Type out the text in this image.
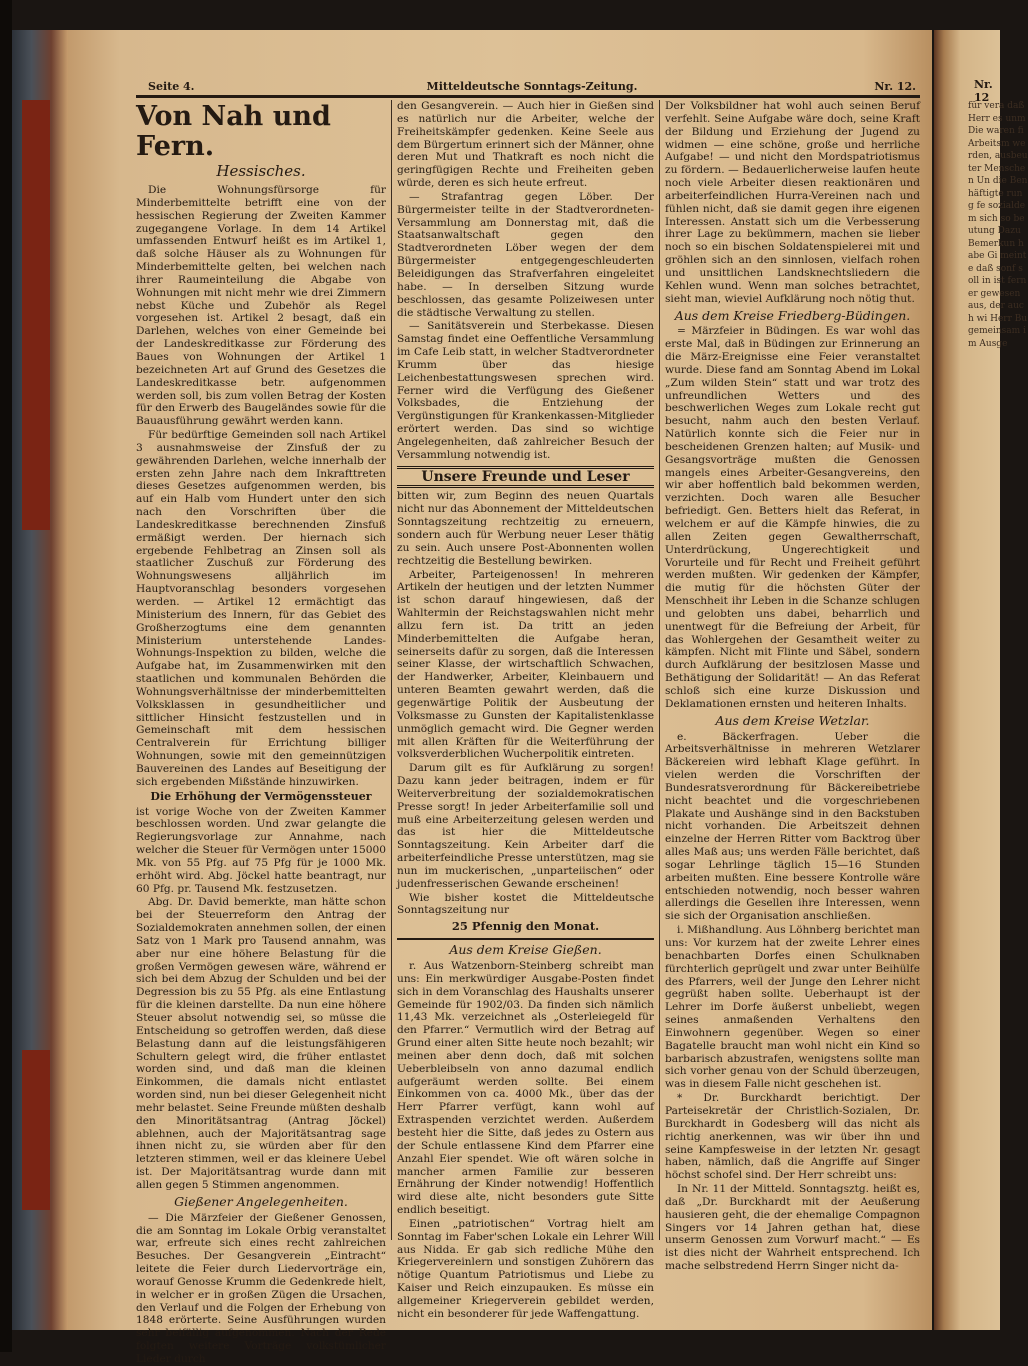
Nr. 12
für vera daß Herr es unm Die waren fi Arbeitsm werden, ausbeuter Menschen Un die Ben häftigte rung fe sozialdem sich so beutung Dazu Bemerkun habe Gi meint e daß sonf soll in ist ferner gewesen aus, der auch wi Herr Bu gemeinsam im Ausge
Seite 4.	Mitteldeutsche Sonntags-Zeitung.	Nr. 12.
Von Nah und Fern.
Hessisches.

Die Wohnungsfürsorge für Minderbemittelte betrifft eine von der hessischen Regierung der Zweiten Kammer zugegangene Vorlage. In dem 14 Artikel umfassenden Entwurf heißt es im Artikel 1, daß solche Häuser als zu Wohnungen für Minderbemittelte gelten, bei welchen nach ihrer Raumeinteilung die Abgabe von Wohnungen mit nicht mehr wie drei Zimmern nebst Küche und Zubehör als Regel vorgesehen ist. Artikel 2 besagt, daß ein Darlehen, welches von einer Gemeinde bei der Landeskreditkasse zur Förderung des Baues von Wohnungen der Artikel 1 bezeichneten Art auf Grund des Gesetzes die Landeskreditkasse betr. aufgenommen werden soll, bis zum vollen Betrag der Kosten für den Erwerb des Baugeländes sowie für die Bauausführung gewährt werden kann.

Für bedürftige Gemeinden soll nach Artikel 3 ausnahmsweise der Zinsfuß der zu gewährenden Darlehen, welche innerhalb der ersten zehn Jahre nach dem Inkrafttreten dieses Gesetzes aufgenommen werden, bis auf ein Halb vom Hundert unter den sich nach den Vorschriften über die Landeskreditkasse berechnenden Zinsfuß ermäßigt werden. Der hiernach sich ergebende Fehlbetrag an Zinsen soll als staatlicher Zuschuß zur Förderung des Wohnungswesens alljährlich im Hauptvoranschlag besonders vorgesehen werden. — Artikel 12 ermächtigt das Ministerium des Innern, für das Gebiet des Großherzogtums eine dem genannten Ministerium unterstehende Landes-Wohnungs-Inspektion zu bilden, welche die Aufgabe hat, im Zusammenwirken mit den staatlichen und kommunalen Behörden die Wohnungsverhältnisse der minderbemittelten Volksklassen in gesundheitlicher und sittlicher Hinsicht festzustellen und in Gemeinschaft mit dem hessischen Centralverein für Errichtung billiger Wohnungen, sowie mit den gemeinnützigen Bauvereinen des Landes auf Beseitigung der sich ergebenden Mißstände hinzuwirken.

Die Erhöhung der Vermögenssteuer

ist vorige Woche von der Zweiten Kammer beschlossen worden. Und zwar gelangte die Regierungsvorlage zur Annahme, nach welcher die Steuer für Vermögen unter 15000 Mk. von 55 Pfg. auf 75 Pfg für je 1000 Mk. erhöht wird. Abg. Jöckel hatte beantragt, nur 60 Pfg. pr. Tausend Mk. festzusetzen.

Abg. Dr. David bemerkte, man hätte schon bei der Steuerreform den Antrag der Sozialdemokraten annehmen sollen, der einen Satz von 1 Mark pro Tausend annahm, was aber nur eine höhere Belastung für die großen Vermögen gewesen wäre, während er sich bei dem Abzug der Schulden und bei der Degression bis zu 55 Pfg. als eine Entlastung für die kleinen darstellte. Da nun eine höhere Steuer absolut notwendig sei, so müsse die Entscheidung so getroffen werden, daß diese Belastung dann auf die leistungsfähigeren Schultern gelegt wird, die früher entlastet worden sind, und daß man die kleinen Einkommen, die damals nicht entlastet worden sind, nun bei dieser Gelegenheit nicht mehr belastet. Seine Freunde müßten deshalb den Minoritätsantrag (Antrag Jöckel) ablehnen, auch der Majoritätsantrag sage ihnen nicht zu, sie würden aber für den letzteren stimmen, weil er das kleinere Uebel ist. Der Majoritätsantrag wurde dann mit allen gegen 5 Stimmen angenommen.

Gießener Angelegenheiten.

— Die Märzfeier der Gießener Genossen, die am Sonntag im Lokale Orbig veranstaltet war, erfreute sich eines recht zahlreichen Besuches. Der Gesangverein „Eintracht“ leitete die Feier durch Liedervorträge ein, worauf Genosse Krumm die Gedenkrede hielt, in welcher er in großen Zügen die Ursachen, den Verlauf und die Folgen der Erhebung von 1848 erörterte. Seine Ausführungen wurden sehr beifällig aufgenommen. Nach der Rede folgten weitere Vorträge volkstümlicher Lieder durch

den Gesangverein. — Auch hier in Gießen sind es natürlich nur die Arbeiter, welche der Freiheitskämpfer gedenken. Keine Seele aus dem Bürgertum erinnert sich der Männer, ohne deren Mut und Thatkraft es noch nicht die geringfügigen Rechte und Freiheiten geben würde, deren es sich heute erfreut.

— Strafantrag gegen Löber. Der Bürgermeister teilte in der Stadtverordneten-Versammlung am Donnerstag mit, daß die Staatsanwaltschaft gegen den Stadtverordneten Löber wegen der dem Bürgermeister entgegengeschleuderten Beleidigungen das Strafverfahren eingeleitet habe. — In derselben Sitzung wurde beschlossen, das gesamte Polizeiwesen unter die städtische Verwaltung zu stellen.

— Sanitätsverein und Sterbekasse. Diesen Samstag findet eine Oeffentliche Versammlung im Cafe Leib statt, in welcher Stadtverordneter Krumm über das hiesige Leichenbestattungswesen sprechen wird. Ferner wird die Verfügung des Gießener Volksbades, die Entziehung der Vergünstigungen für Krankenkassen-Mitglieder erörtert werden. Das sind so wichtige Angelegenheiten, daß zahlreicher Besuch der Versammlung notwendig ist.

Unsere Freunde und Leser

bitten wir, zum Beginn des neuen Quartals nicht nur das Abonnement der Mitteldeutschen Sonntagszeitung rechtzeitig zu erneuern, sondern auch für Werbung neuer Leser thätig zu sein. Auch unsere Post-Abonnenten wollen rechtzeitig die Bestellung bewirken.

Arbeiter, Parteigenossen! In mehreren Artikeln der heutigen und der letzten Nummer ist schon darauf hingewiesen, daß der Wahltermin der Reichstagswahlen nicht mehr allzu fern ist. Da tritt an jeden Minderbemittelten die Aufgabe heran, seinerseits dafür zu sorgen, daß die Interessen seiner Klasse, der wirtschaftlich Schwachen, der Handwerker, Arbeiter, Kleinbauern und unteren Beamten gewahrt werden, daß die gegenwärtige Politik der Ausbeutung der Volksmasse zu Gunsten der Kapitalistenklasse unmöglich gemacht wird. Die Gegner werden mit allen Kräften für die Weiterführung der volksverderblichen Wucherpolitik eintreten.

Darum gilt es für Aufklärung zu sorgen! Dazu kann jeder beitragen, indem er für Weiterverbreitung der sozialdemokratischen Presse sorgt! In jeder Arbeiterfamilie soll und muß eine Arbeiterzeitung gelesen werden und das ist hier die Mitteldeutsche Sonntagszeitung. Kein Arbeiter darf die arbeiterfeindliche Presse unterstützen, mag sie nun im muckerischen, „unparteiischen“ oder judenfresserischen Gewande erscheinen!

Wie bisher kostet die Mitteldeutsche Sonntagszeitung nur

25 Pfennig den Monat.
Aus dem Kreise Gießen.

r. Aus Watzenborn-Steinberg schreibt man uns: Ein merkwürdiger Ausgabe-Posten findet sich in dem Voranschlag des Haushalts unserer Gemeinde für 1902/03. Da finden sich nämlich 11,43 Mk. verzeichnet als „Osterleiegeld für den Pfarrer.“ Vermutlich wird der Betrag auf Grund einer alten Sitte heute noch bezahlt; wir meinen aber denn doch, daß mit solchen Ueberbleibseln von anno dazumal endlich aufgeräumt werden sollte. Bei einem Einkommen von ca. 4000 Mk., über das der Herr Pfarrer verfügt, kann wohl auf Extraspenden verzichtet werden. Außerdem besteht hier die Sitte, daß jedes zu Ostern aus der Schule entlassene Kind dem Pfarrer eine Anzahl Eier spendet. Wie oft wären solche in mancher armen Familie zur besseren Ernährung der Kinder notwendig! Hoffentlich wird diese alte, nicht besonders gute Sitte endlich beseitigt.

Einen „patriotischen“ Vortrag hielt am Sonntag im Faber'schen Lokale ein Lehrer Will aus Nidda. Er gab sich redliche Mühe den Kriegervereinlern und sonstigen Zuhörern das nötige Quantum Patriotismus und Liebe zu Kaiser und Reich einzupauken. Es müsse ein allgemeiner Kriegerverein gebildet werden, nicht ein besonderer für jede Waffengattung.

Der Volksbildner hat wohl auch seinen Beruf verfehlt. Seine Aufgabe wäre doch, seine Kraft der Bildung und Erziehung der Jugend zu widmen — eine schöne, große und herrliche Aufgabe! — und nicht den Mordspatriotismus zu fördern. — Bedauerlicherweise laufen heute noch viele Arbeiter diesen reaktionären und arbeiterfeindlichen Hurra-Vereinen nach und fühlen nicht, daß sie damit gegen ihre eigenen Interessen. Anstatt sich um die Verbesserung ihrer Lage zu bekümmern, machen sie lieber noch so ein bischen Soldatenspielerei mit und gröhlen sich an den sinnlosen, vielfach rohen und unsittlichen Landsknechtsliedern die Kehlen wund. Wenn man solches betrachtet, sieht man, wieviel Aufklärung noch nötig thut.

Aus dem Kreise Friedberg-Büdingen.

= Märzfeier in Büdingen. Es war wohl das erste Mal, daß in Büdingen zur Erinnerung an die März-Ereignisse eine Feier veranstaltet wurde. Diese fand am Sonntag Abend im Lokal „Zum wilden Stein“ statt und war trotz des unfreundlichen Wetters und des beschwerlichen Weges zum Lokale recht gut besucht, nahm auch den besten Verlauf. Natürlich konnte sich die Feier nur in bescheidenen Grenzen halten; auf Musik- und Gesangsvorträge mußten die Genossen mangels eines Arbeiter-Gesangvereins, den wir aber hoffentlich bald bekommen werden, verzichten. Doch waren alle Besucher befriedigt. Gen. Betters hielt das Referat, in welchem er auf die Kämpfe hinwies, die zu allen Zeiten gegen Gewaltherrschaft, Unterdrückung, Ungerechtigkeit und Vorurteile und für Recht und Freiheit geführt werden mußten. Wir gedenken der Kämpfer, die mutig für die höchsten Güter der Menschheit ihr Leben in die Schanze schlugen und gelobten uns dabei, beharrlich und unentwegt für die Befreiung der Arbeit, für das Wohlergehen der Gesamtheit weiter zu kämpfen. Nicht mit Flinte und Säbel, sondern durch Aufklärung der besitzlosen Masse und Bethätigung der Solidarität! — An das Referat schloß sich eine kurze Diskussion und Deklamationen ernsten und heiteren Inhalts.

Aus dem Kreise Wetzlar.

e. Bäckerfragen. Ueber die Arbeitsverhältnisse in mehreren Wetzlarer Bäckereien wird lebhaft Klage geführt. In vielen werden die Vorschriften der Bundesratsverordnung für Bäckereibetriebe nicht beachtet und die vorgeschriebenen Plakate und Aushänge sind in den Backstuben nicht vorhanden. Die Arbeitszeit dehnen einzelne der Herren Ritter vom Backtrog über alles Maß aus; uns werden Fälle berichtet, daß sogar Lehrlinge täglich 15—16 Stunden arbeiten mußten. Eine bessere Kontrolle wäre entschieden notwendig, noch besser wahren allerdings die Gesellen ihre Interessen, wenn sie sich der Organisation anschließen.

i. Mißhandlung. Aus Löhnberg berichtet man uns: Vor kurzem hat der zweite Lehrer eines benachbarten Dorfes einen Schulknaben fürchterlich geprügelt und zwar unter Beihülfe des Pfarrers, weil der Junge den Lehrer nicht gegrüßt haben sollte. Ueberhaupt ist der Lehrer im Dorfe äußerst unbeliebt, wegen seines anmaßenden Verhaltens den Einwohnern gegenüber. Wegen so einer Bagatelle braucht man wohl nicht ein Kind so barbarisch abzustrafen, wenigstens sollte man sich vorher genau von der Schuld überzeugen, was in diesem Falle nicht geschehen ist.

* Dr. Burckhardt berichtigt. Der Parteisekretär der Christlich-Sozialen, Dr. Burckhardt in Godesberg will das nicht als richtig anerkennen, was wir über ihn und seine Kampfesweise in der letzten Nr. gesagt haben, nämlich, daß die Angriffe auf Singer höchst schofel sind. Der Herr schreibt uns:

In Nr. 11 der Mitteld. Sonntagsztg. heißt es, daß „Dr. Burckhardt mit der Aeußerung hausieren geht, die der ehemalige Compagnon Singers vor 14 Jahren gethan hat, diese unserm Genossen zum Vorwurf macht.“ — Es ist dies nicht der Wahrheit entsprechend. Ich mache selbstredend Herrn Singer nicht da-
